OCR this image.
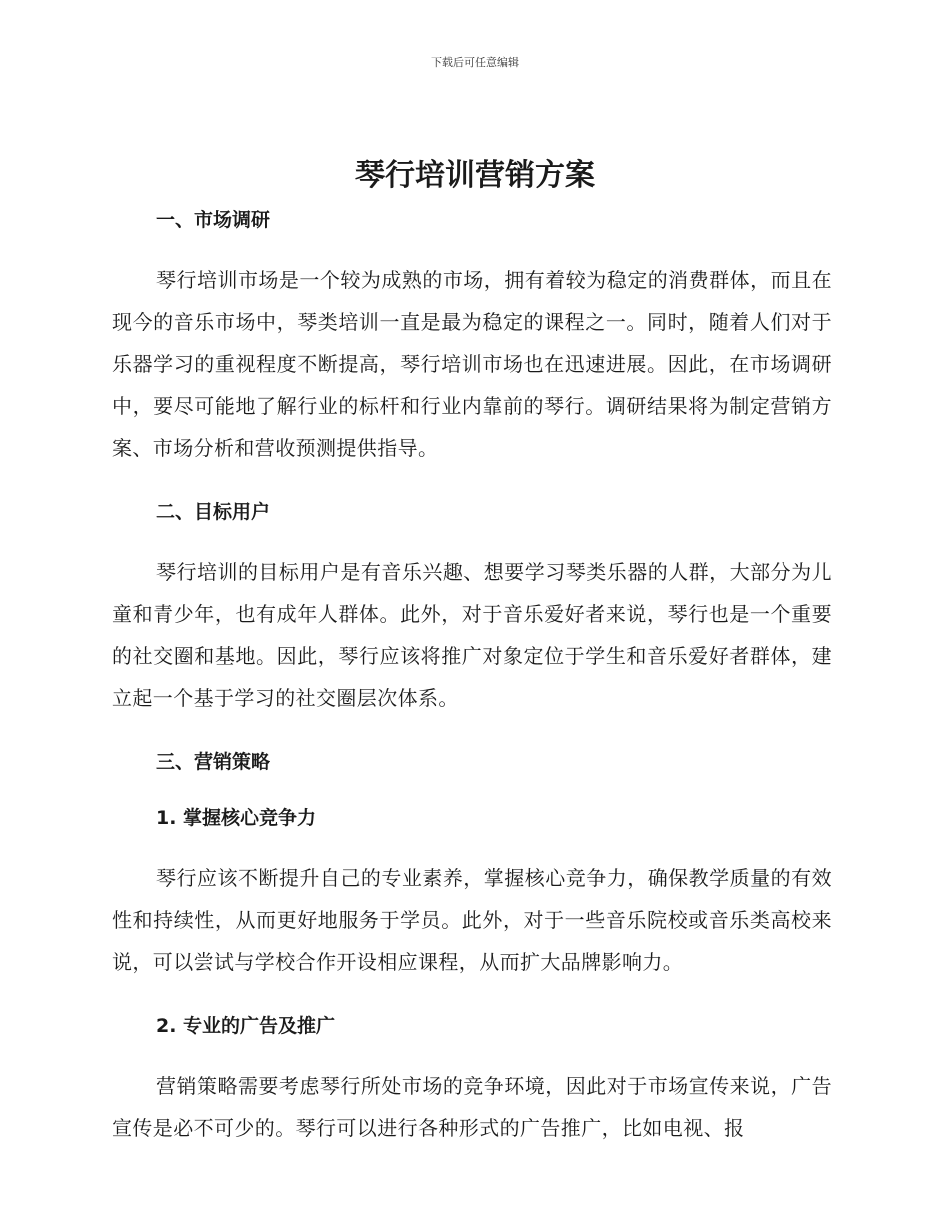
下载后可任意编辑
琴行培训营销方案
一、市场调研

琴行培训市场是一个较为成熟的市场，拥有着较为稳定的消费群体，而且在现今的音乐市场中，琴类培训一直是最为稳定的课程之一。同时，随着人们对于乐器学习的重视程度不断提高，琴行培训市场也在迅速进展。因此，在市场调研中，要尽可能地了解行业的标杆和行业内靠前的琴行。调研结果将为制定营销方案、市场分析和营收预测提供指导。

二、目标用户

琴行培训的目标用户是有音乐兴趣、想要学习琴类乐器的人群，大部分为儿童和青少年，也有成年人群体。此外，对于音乐爱好者来说，琴行也是一个重要的社交圈和基地。因此，琴行应该将推广对象定位于学生和音乐爱好者群体，建立起一个基于学习的社交圈层次体系。

三、营销策略
1. 掌握核心竞争力

琴行应该不断提升自己的专业素养，掌握核心竞争力，确保教学质量的有效性和持续性，从而更好地服务于学员。此外，对于一些音乐院校或音乐类高校来说，可以尝试与学校合作开设相应课程，从而扩大品牌影响力。

2. 专业的广告及推广

营销策略需要考虑琴行所处市场的竞争环境，因此对于市场宣传来说，广告宣传是必不可少的。琴行可以进行各种形式的广告推广，比如电视、报
